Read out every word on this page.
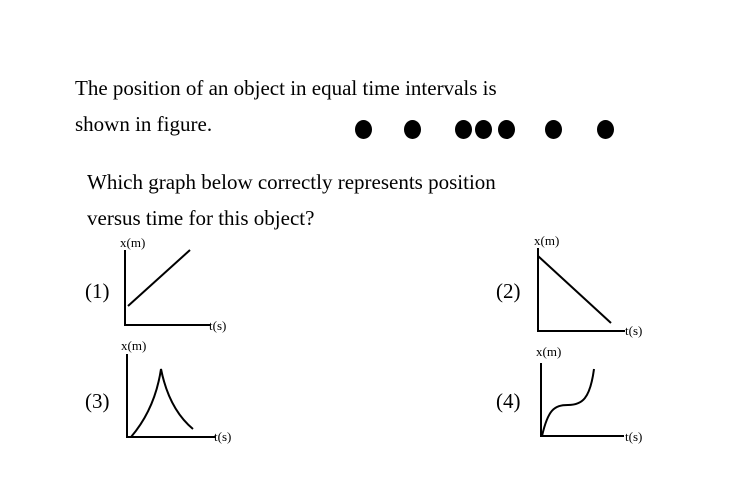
The position of an object in equal time intervals is
shown in figure.
Which graph below correctly represents position
versus time for this object?
(1)
x(m)
t(s)
(2)
x(m)
t(s)
(3)
x(m)
t(s)
(4)
x(m)
t(s)
